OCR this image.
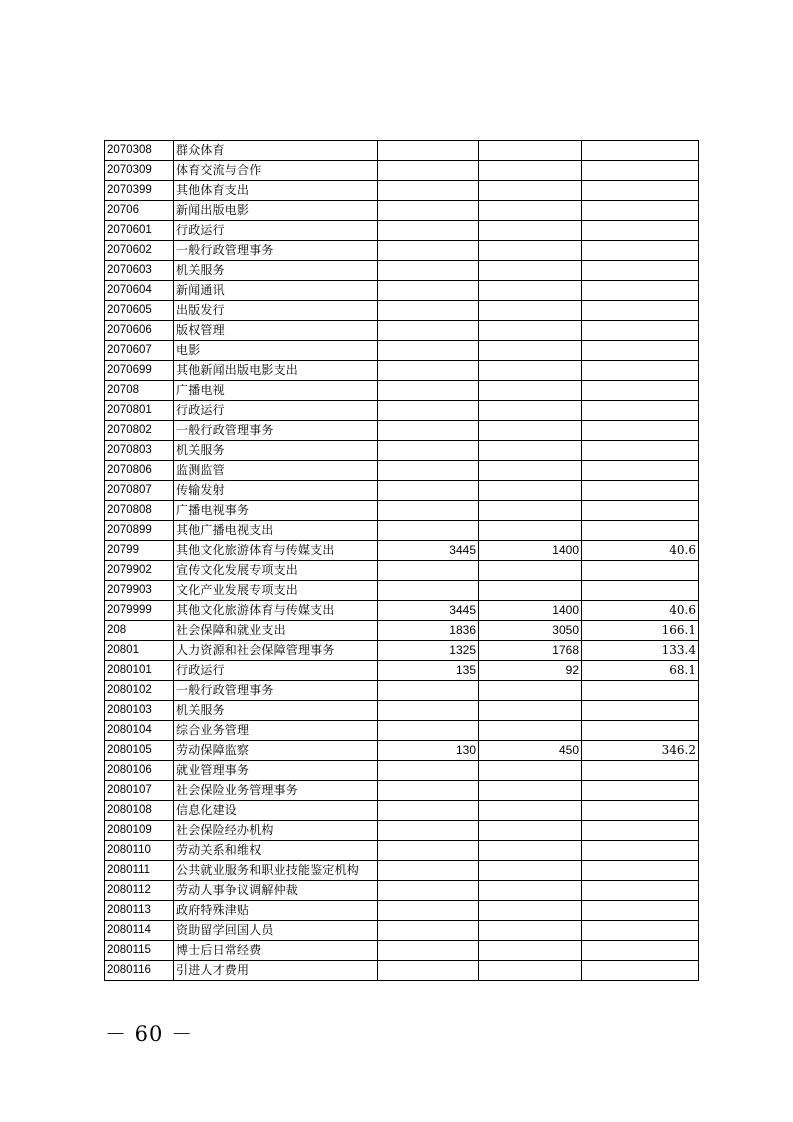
2070308	群众体育			
2070309	体育交流与合作			
2070399	其他体育支出			
20706	新闻出版电影			
2070601	行政运行			
2070602	一般行政管理事务			
2070603	机关服务			
2070604	新闻通讯			
2070605	出版发行			
2070606	版权管理			
2070607	电影			
2070699	其他新闻出版电影支出			
20708	广播电视			
2070801	行政运行			
2070802	一般行政管理事务			
2070803	机关服务			
2070806	监测监管			
2070807	传输发射			
2070808	广播电视事务			
2070899	其他广播电视支出			
20799	其他文化旅游体育与传媒支出	3445	1400	40.6
2079902	宣传文化发展专项支出			
2079903	文化产业发展专项支出			
2079999	其他文化旅游体育与传媒支出	3445	1400	40.6
208	社会保障和就业支出	1836	3050	166.1
20801	人力资源和社会保障管理事务	1325	1768	133.4
2080101	行政运行	135	92	68.1
2080102	一般行政管理事务			
2080103	机关服务			
2080104	综合业务管理			
2080105	劳动保障监察	130	450	346.2
2080106	就业管理事务			
2080107	社会保险业务管理事务			
2080108	信息化建设			
2080109	社会保险经办机构			
2080110	劳动关系和维权			
2080111	公共就业服务和职业技能鉴定机构			
2080112	劳动人事争议调解仲裁			
2080113	政府特殊津贴			
2080114	资助留学回国人员			
2080115	博士后日常经费			
2080116	引进人才费用			
－ 60 －
